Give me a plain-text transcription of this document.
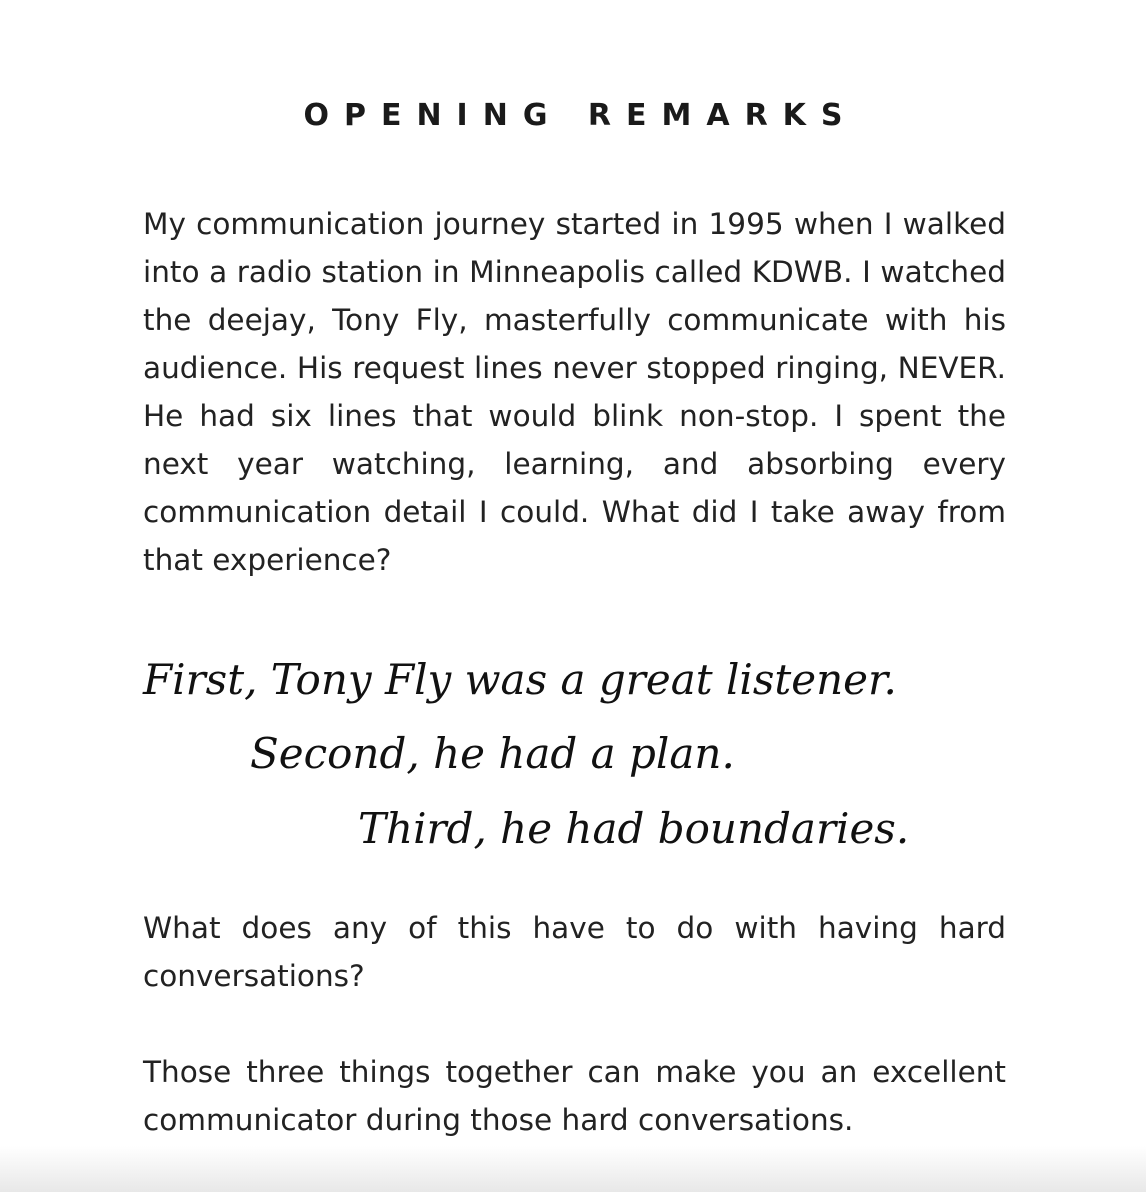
OPENING REMARKS

My communication journey started in 1995 when I walked into a radio station in Minneapolis called KDWB. I watched the deejay, Tony Fly, masterfully communicate with his audience. His request lines never stopped ringing, NEVER. He had six lines that would blink non-stop. I spent the next year watching, learning, and absorbing every communication detail I could. What did I take away from that experience?

First, Tony Fly was a great listener.

Second, he had a plan.

Third, he had boundaries.

What does any of this have to do with having hard conversations?

Those three things together can make you an excellent communicator during those hard conversations.
